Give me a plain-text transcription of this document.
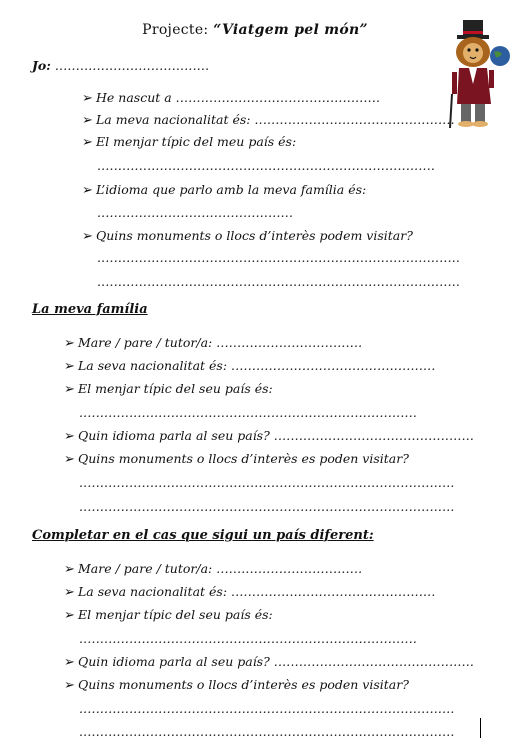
Projecte: “Viatgem pel món”
Jo: .....................................
➢ He nascut a .................................................
➢ La meva nacionalitat és: ................................................
➢ El menjar típic del meu país és:
.................................................................................
➢ L’idioma que parlo amb la meva família és:
...............................................
➢ Quins monuments o llocs d’interès podem visitar?
.......................................................................................
.......................................................................................
La meva família
➢ Mare / pare / tutor/a: ...................................
➢ La seva nacionalitat és: .................................................
➢ El menjar típic del seu país és:
.................................................................................
➢ Quin idioma parla al seu país? ................................................
➢ Quins monuments o llocs d’interès es poden visitar?
..........................................................................................
..........................................................................................
Completar en el cas que sigui un país diferent:
➢ Mare / pare / tutor/a: ...................................
➢ La seva nacionalitat és: .................................................
➢ El menjar típic del seu país és:
.................................................................................
➢ Quin idioma parla al seu país? ................................................
➢ Quins monuments o llocs d’interès es poden visitar?
..........................................................................................
..........................................................................................
